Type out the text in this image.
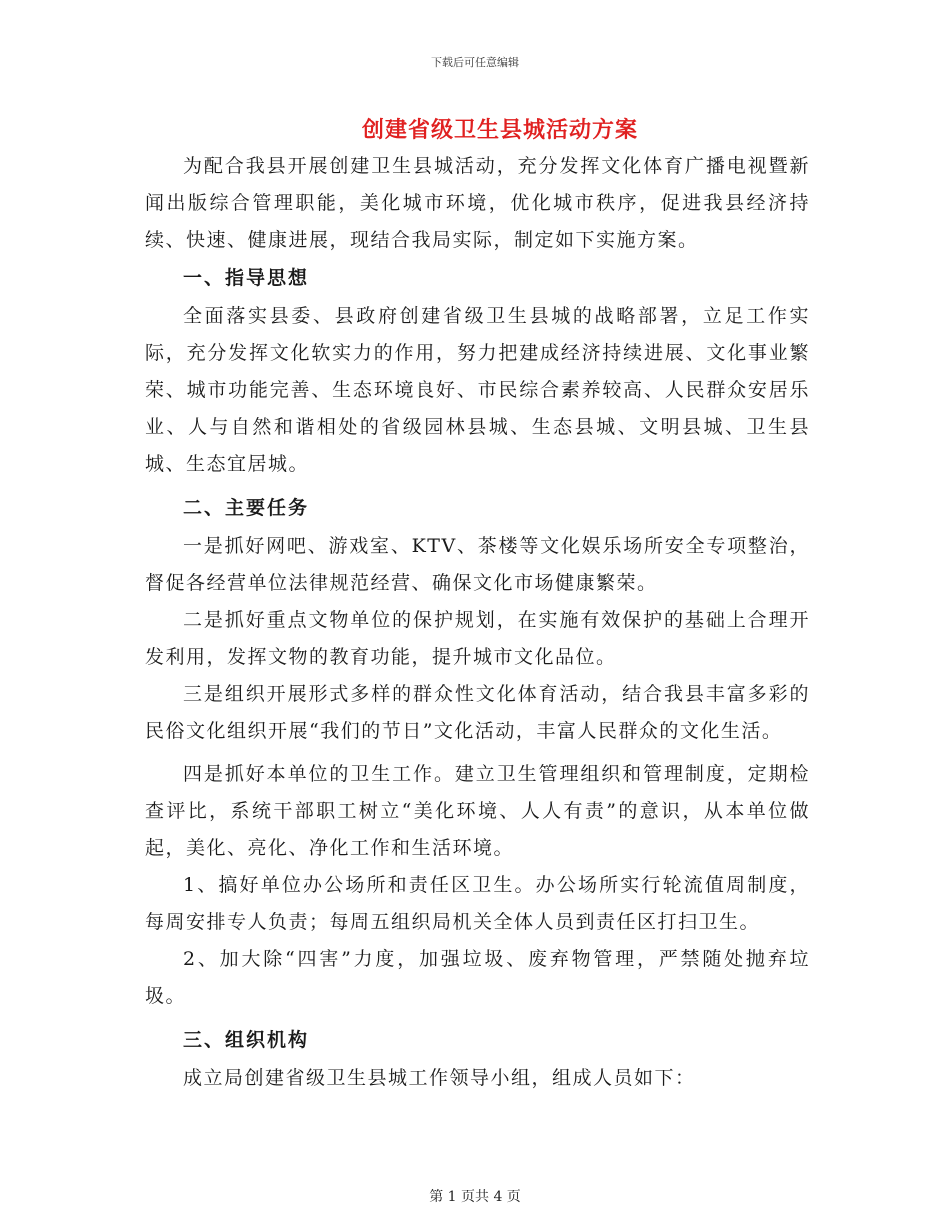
下载后可任意编辑
创建省级卫生县城活动方案

为配合我县开展创建卫生县城活动，充分发挥文化体育广播电视暨新闻出版综合管理职能，美化城市环境，优化城市秩序，促进我县经济持续、快速、健康进展，现结合我局实际，制定如下实施方案。

一、指导思想

全面落实县委、县政府创建省级卫生县城的战略部署，立足工作实际，充分发挥文化软实力的作用，努力把建成经济持续进展、文化事业繁荣、城市功能完善、生态环境良好、市民综合素养较高、人民群众安居乐业、人与自然和谐相处的省级园林县城、生态县城、文明县城、卫生县城、生态宜居城。

二、主要任务

一是抓好网吧、游戏室、KTV、茶楼等文化娱乐场所安全专项整治，督促各经营单位法律规范经营、确保文化市场健康繁荣。

二是抓好重点文物单位的保护规划，在实施有效保护的基础上合理开发利用，发挥文物的教育功能，提升城市文化品位。

三是组织开展形式多样的群众性文化体育活动，结合我县丰富多彩的民俗文化组织开展“我们的节日”文化活动，丰富人民群众的文化生活。

四是抓好本单位的卫生工作。建立卫生管理组织和管理制度，定期检查评比，系统干部职工树立“美化环境、人人有责”的意识，从本单位做起，美化、亮化、净化工作和生活环境。

1、搞好单位办公场所和责任区卫生。办公场所实行轮流值周制度，每周安排专人负责；每周五组织局机关全体人员到责任区打扫卫生。

2、加大除“四害”力度，加强垃圾、废弃物管理，严禁随处抛弃垃圾。

三、组织机构

成立局创建省级卫生县城工作领导小组，组成人员如下：

第 1 页共 4 页
